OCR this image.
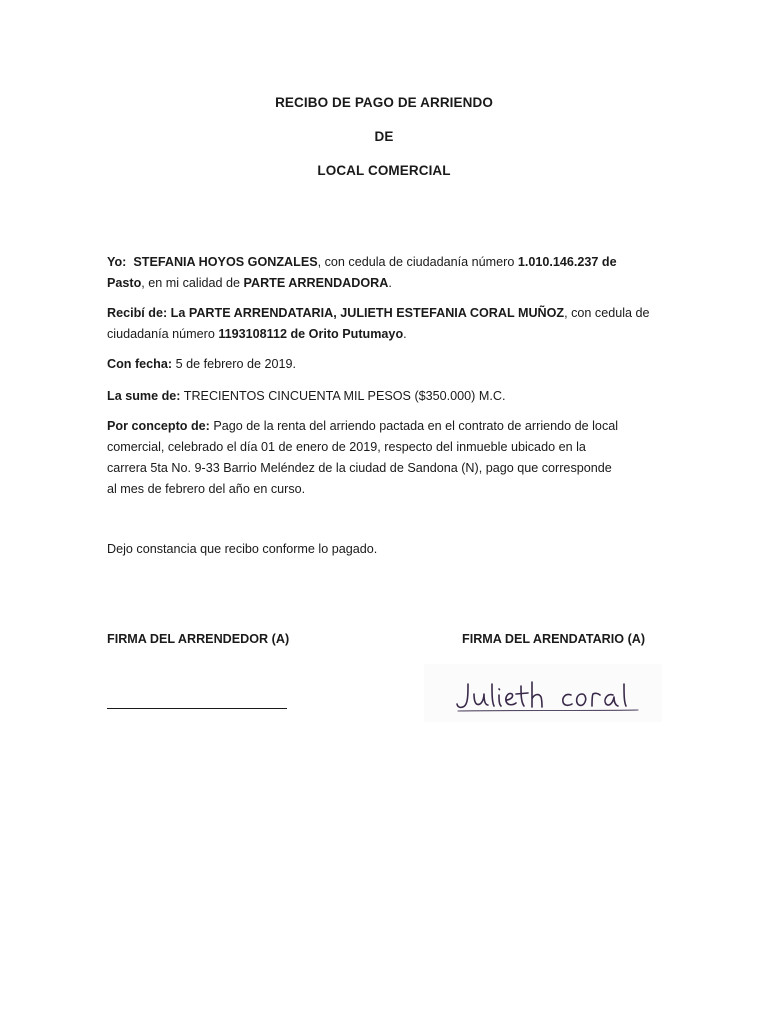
RECIBO DE PAGO DE ARRIENDO
DE
LOCAL COMERCIAL
Yo: STEFANIA HOYOS GONZALES, con cedula de ciudadanía número 1.010.146.237 de
Pasto, en mi calidad de PARTE ARRENDADORA.
Recibí de: La PARTE ARRENDATARIA, JULIETH ESTEFANIA CORAL MUÑOZ, con cedula de
ciudadanía número 1193108112 de Orito Putumayo.
Con fecha: 5 de febrero de 2019.
La sume de: TRECIENTOS CINCUENTA MIL PESOS ($350.000) M.C.
Por concepto de: Pago de la renta del arriendo pactada en el contrato de arriendo de local
comercial, celebrado el día 01 de enero de 2019, respecto del inmueble ubicado en la
carrera 5ta No. 9-33 Barrio Meléndez de la ciudad de Sandona (N), pago que corresponde
al mes de febrero del año en curso.
Dejo constancia que recibo conforme lo pagado.
FIRMA DEL ARRENDEDOR (A)	FIRMA DEL ARENDATARIO (A)
